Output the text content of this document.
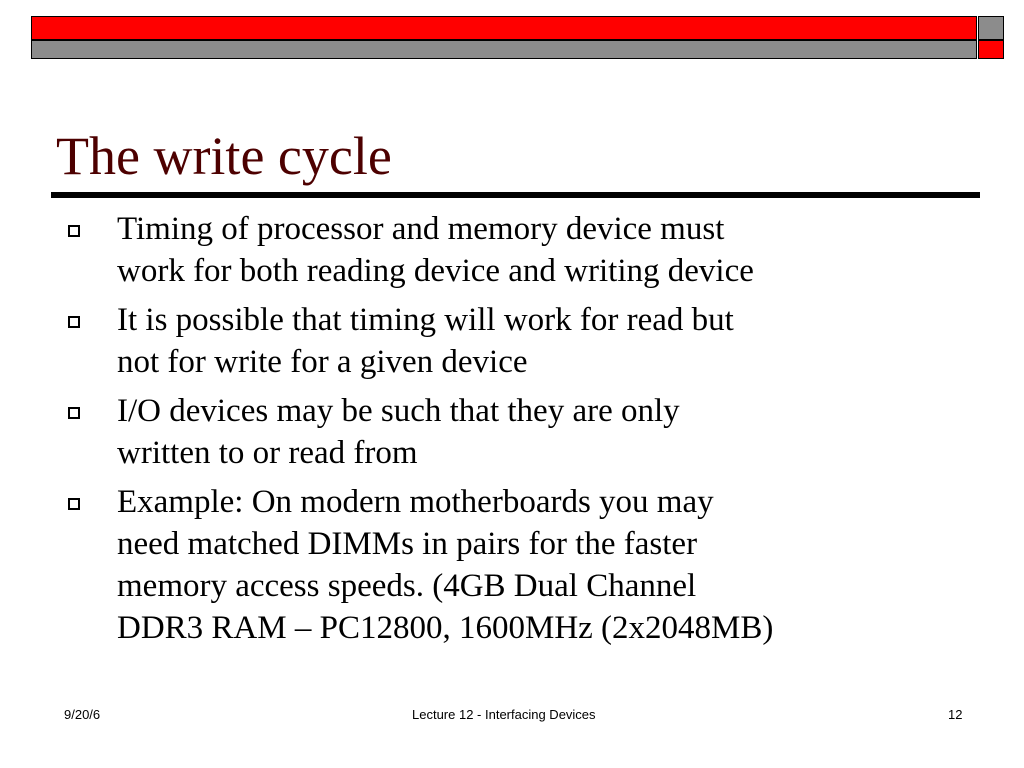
The write cycle
Timing of processor and memory device must
work for both reading device and writing device
It is possible that timing will work for read but
not for write for a given device
I/O devices may be such that they are only
written to or read from
Example: On modern motherboards you may
need matched DIMMs in pairs for the faster
memory access speeds. (4GB Dual Channel
DDR3 RAM – PC12800, 1600MHz (2x2048MB)
9/20/6	Lecture 12 - Interfacing Devices	12
